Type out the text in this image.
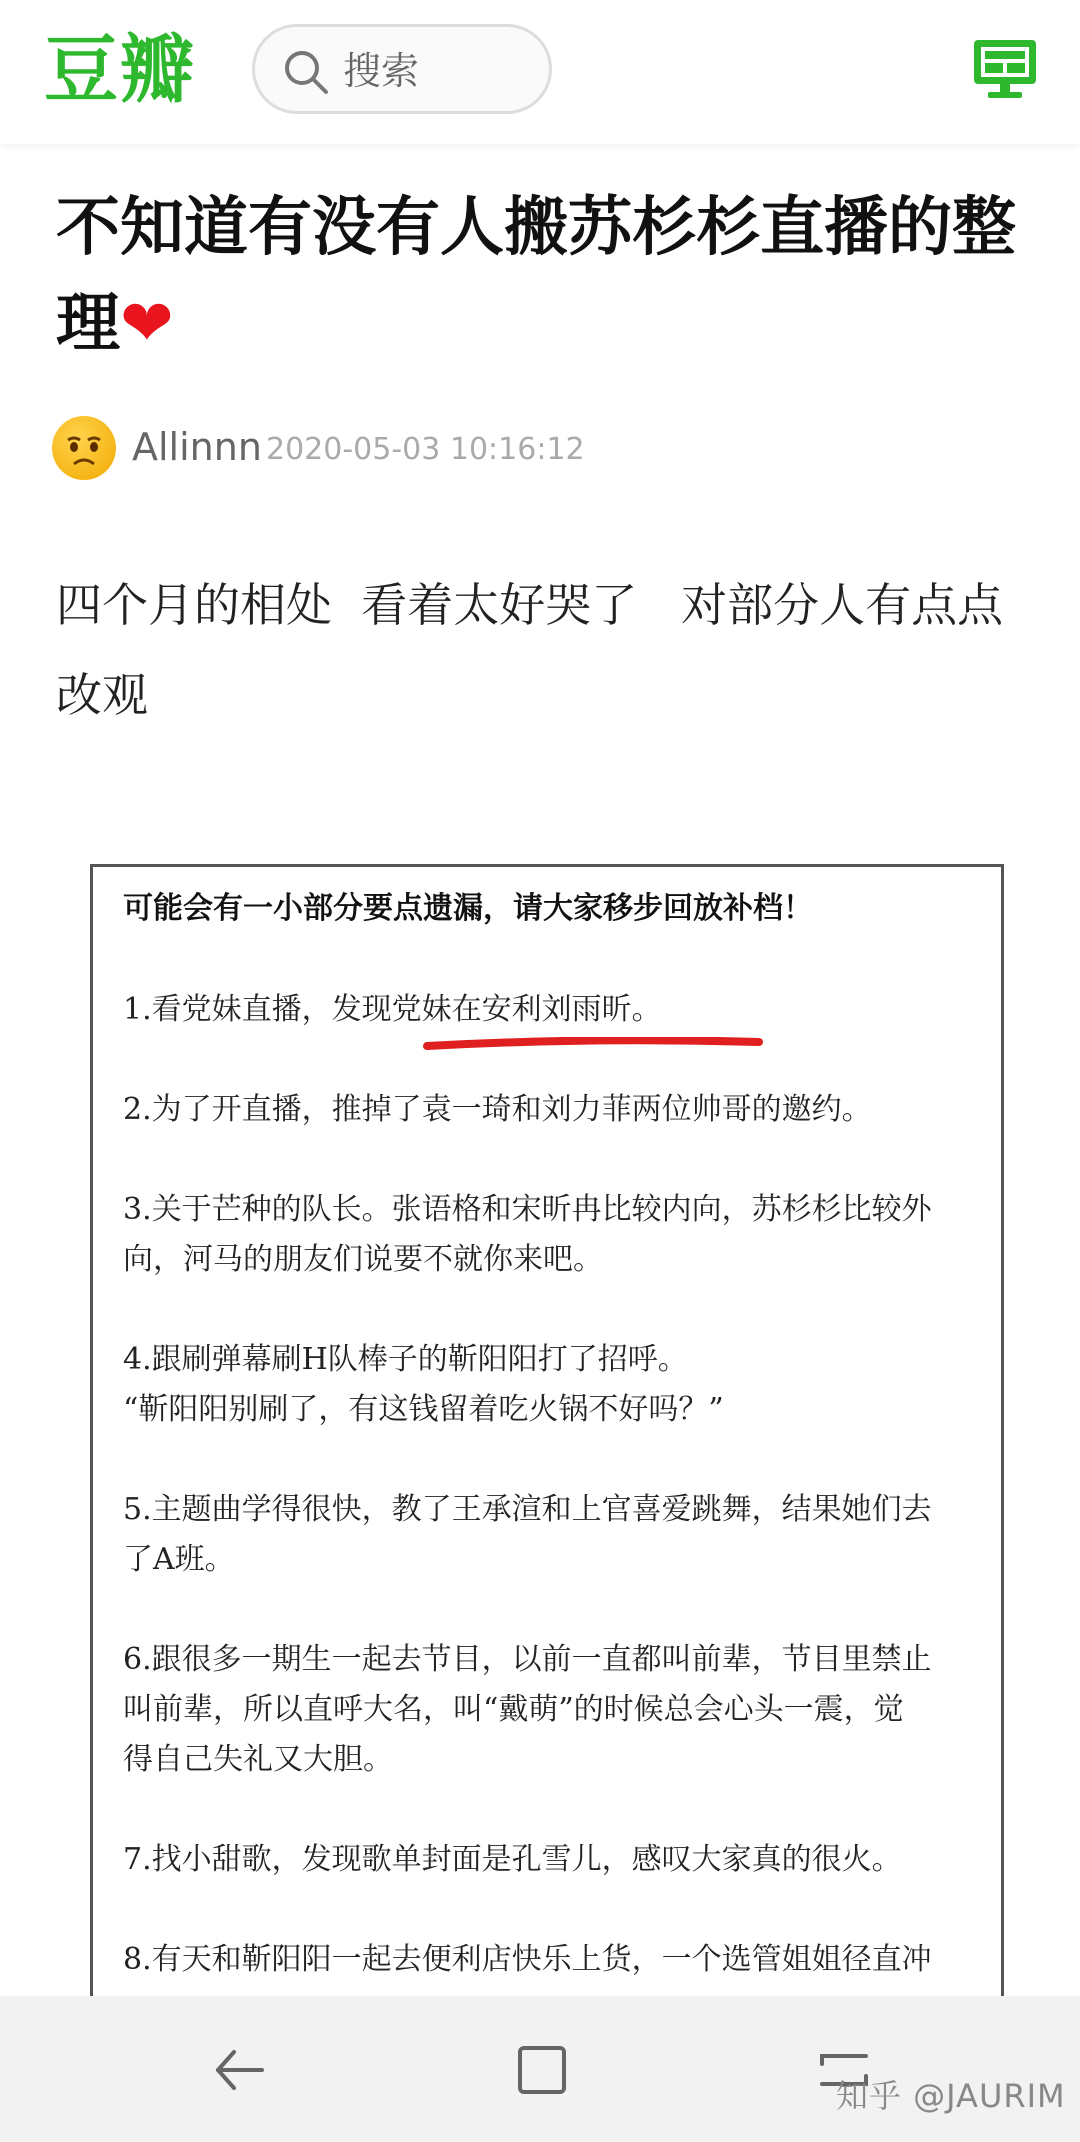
豆瓣	搜索
不知道有没有人搬苏杉杉直播的整理❤
Allinnn 2020-05-03 10:16:12
四个月的相处  看着太好哭了   对部分人有点点改观
可能会有一小部分要点遗漏，请大家移步回放补档！
1.看党妹直播，发现党妹在安利刘雨昕。
2.为了开直播，推掉了袁一琦和刘力菲两位帅哥的邀约。
3.关于芒种的队长。张语格和宋昕冉比较内向，苏杉杉比较外
向，河马的朋友们说要不就你来吧。
4.跟刷弹幕刷H队棒子的靳阳阳打了招呼。
“靳阳阳别刷了，有这钱留着吃火锅不好吗？”
5.主题曲学得很快，教了王承渲和上官喜爱跳舞，结果她们去
了A班。
6.跟很多一期生一起去节目，以前一直都叫前辈，节目里禁止
叫前辈，所以直呼大名，叫“戴萌”的时候总会心头一震，觉
得自己失礼又大胆。
7.找小甜歌，发现歌单封面是孔雪儿，感叹大家真的很火。
8.有天和靳阳阳一起去便利店快乐上货，一个选管姐姐径直冲
知乎 @JAURIM
